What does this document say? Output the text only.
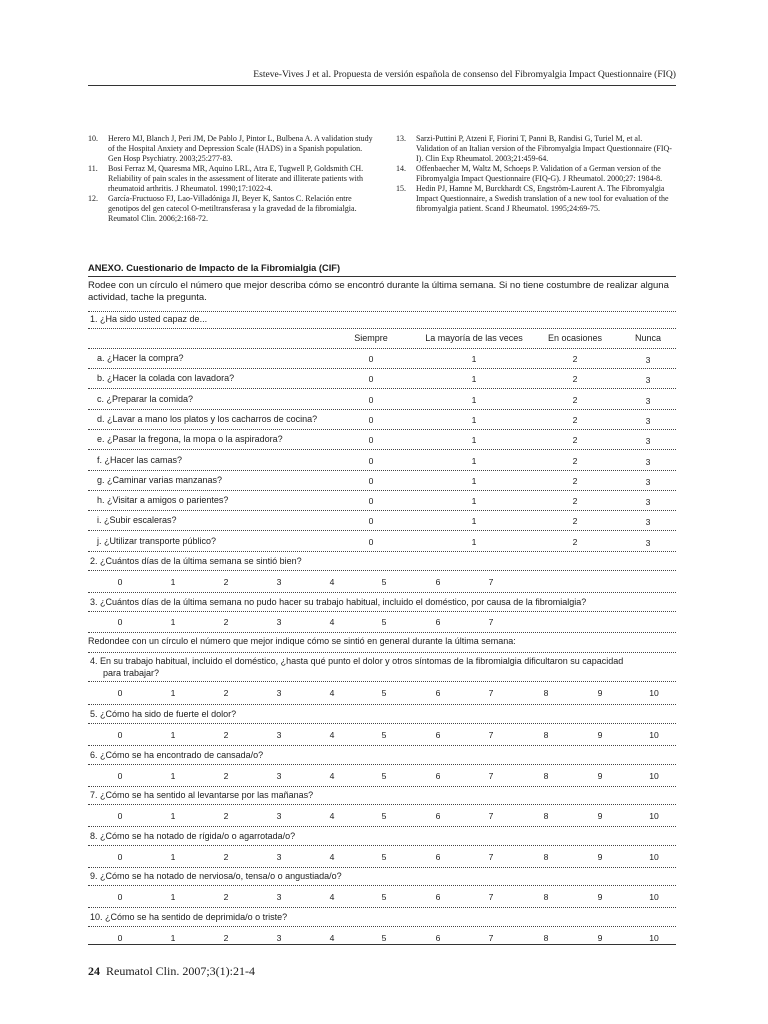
Esteve-Vives J et al. Propuesta de versión española de consenso del Fibromyalgia Impact Questionnaire (FIQ)
10.	Herero MJ, Blanch J, Peri JM, De Pablo J, Pintor L, Bulbena A. A validation study of the Hospital Anxiety and Depression Scale (HADS) in a Spanish population. Gen Hosp Psychiatry. 2003;25:277-83.
11.	Bosi Ferraz M, Quaresma MR, Aquino LRL, Atra E, Tugwell P, Goldsmith CH. Reliability of pain scales in the assessment of literate and illiterate patients with rheumatoid arthritis. J Rheumatol. 1990;17:1022-4.
12.	García-Fructuoso FJ, Lao-Villadóniga JI, Beyer K, Santos C. Relación entre genotipos del gen catecol O-metiltransferasa y la gravedad de la fibromialgia. Reumatol Clin. 2006;2:168-72.
13.	Sarzi-Puttini P, Atzeni F, Fiorini T, Panni B, Randisi G, Turiel M, et al. Validation of an Italian version of the Fibromyalgia Impact Questionnaire (FIQ-I). Clin Exp Rheumatol. 2003;21:459-64.
14.	Offenbaecher M, Waltz M, Schoeps P. Validation of a German version of the Fibromyalgia Impact Questionnaire (FIQ-G). J Rheumatol. 2000;27: 1984-8.
15.	Hedin PJ, Hamne M, Burckhardt CS, Engström-Laurent A. The Fibromyalgia Impact Questionnaire, a Swedish translation of a new tool for evaluation of the fibromyalgia patient. Scand J Rheumatol. 1995;24:69-75.
ANEXO. Cuestionario de Impacto de la Fibromialgia (CIF)
Rodee con un círculo el número que mejor describa cómo se encontró durante la última semana. Si no tiene costumbre de realizar alguna actividad, tache la pregunta.
1. ¿Ha sido usted capaz de...
Siempre	La mayoría de las veces	En ocasiones	Nunca
a. ¿Hacer la compra?	0	1	2	3
b. ¿Hacer la colada con lavadora?	0	1	2	3
c. ¿Preparar la comida?	0	1	2	3
d. ¿Lavar a mano los platos y los cacharros de cocina?	0	1	2	3
e. ¿Pasar la fregona, la mopa o la aspiradora?	0	1	2	3
f. ¿Hacer las camas?	0	1	2	3
g. ¿Caminar varias manzanas?	0	1	2	3
h. ¿Visitar a amigos o parientes?	0	1	2	3
i. ¿Subir escaleras?	0	1	2	3
j. ¿Utilizar transporte público?	0	1	2	3
2. ¿Cuántos días de la última semana se sintió bien?
0	1	2	3	4	5	6	7
3. ¿Cuántos días de la última semana no pudo hacer su trabajo habitual, incluido el doméstico, por causa de la fibromialgia?
0	1	2	3	4	5	6	7
Redondee con un círculo el número que mejor indique cómo se sintió en general durante la última semana:
4. En su trabajo habitual, incluido el doméstico, ¿hasta qué punto el dolor y otros síntomas de la fibromialgia dificultaron su capacidad
para trabajar?
0	1	2	3	4	5	6	7	8	9	10
5. ¿Cómo ha sido de fuerte el dolor?
0	1	2	3	4	5	6	7	8	9	10
6. ¿Cómo se ha encontrado de cansada/o?
0	1	2	3	4	5	6	7	8	9	10
7. ¿Cómo se ha sentido al levantarse por las mañanas?
0	1	2	3	4	5	6	7	8	9	10
8. ¿Cómo se ha notado de rígida/o o agarrotada/o?
0	1	2	3	4	5	6	7	8	9	10
9. ¿Cómo se ha notado de nerviosa/o, tensa/o o angustiada/o?
0	1	2	3	4	5	6	7	8	9	10
10. ¿Cómo se ha sentido de deprimida/o o triste?
0	1	2	3	4	5	6	7	8	9	10
24 Reumatol Clin. 2007;3(1):21-4
